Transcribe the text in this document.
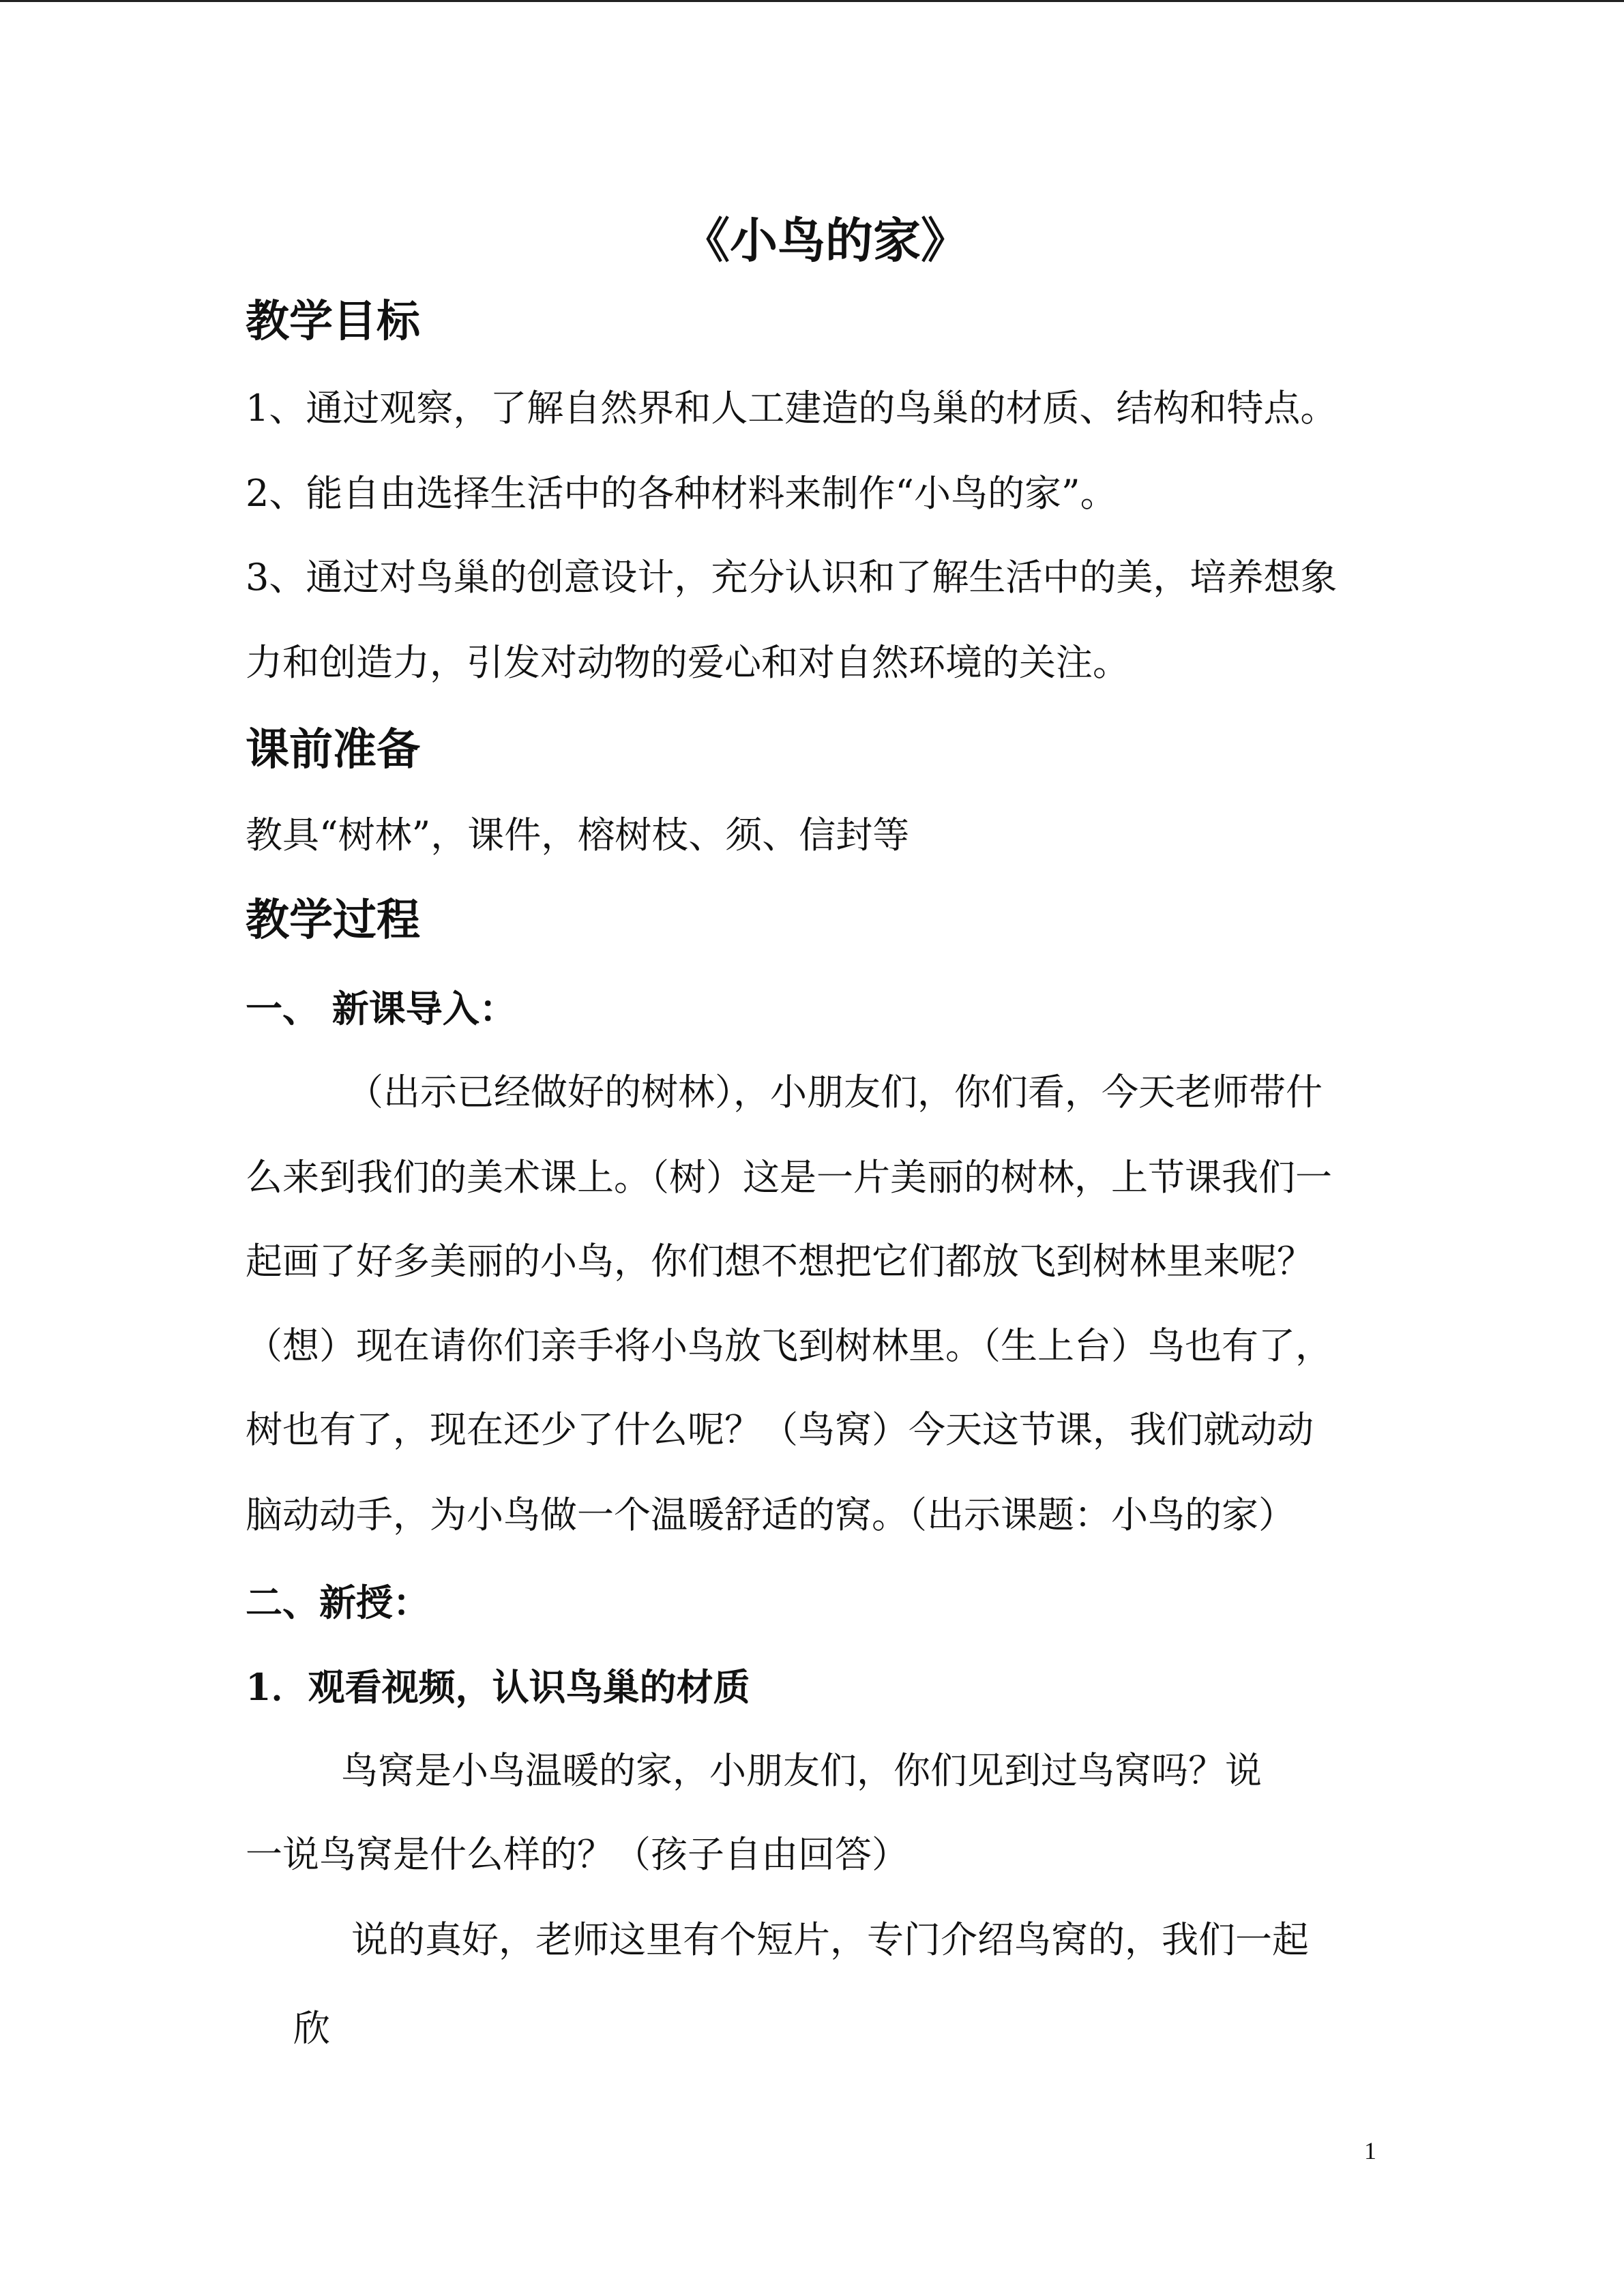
《小鸟的家》
教学目标
1、通过观察，了解自然界和人工建造的鸟巢的材质、结构和特点。
2、能自由选择生活中的各种材料来制作“小鸟的家”。
3、通过对鸟巢的创意设计，充分认识和了解生活中的美，培养想象
力和创造力，引发对动物的爱心和对自然环境的关注。
课前准备
教具“树林”，课件，榕树枝、须、信封等
教学过程
一、 新课导入：
（出示已经做好的树林），小朋友们，你们看，今天老师带什
么来到我们的美术课上。（树）这是一片美丽的树林，上节课我们一
起画了好多美丽的小鸟，你们想不想把它们都放飞到树林里来呢？
（想）现在请你们亲手将小鸟放飞到树林里。（生上台）鸟也有了，
树也有了，现在还少了什么呢？（鸟窝）今天这节课，我们就动动
脑动动手，为小鸟做一个温暖舒适的窝。（出示课题：小鸟的家）
二、新授：
1．观看视频，认识鸟巢的材质
鸟窝是小鸟温暖的家，小朋友们，你们见到过鸟窝吗？说
一说鸟窝是什么样的？（孩子自由回答）
说的真好，老师这里有个短片，专门介绍鸟窝的，我们一起
欣
1
